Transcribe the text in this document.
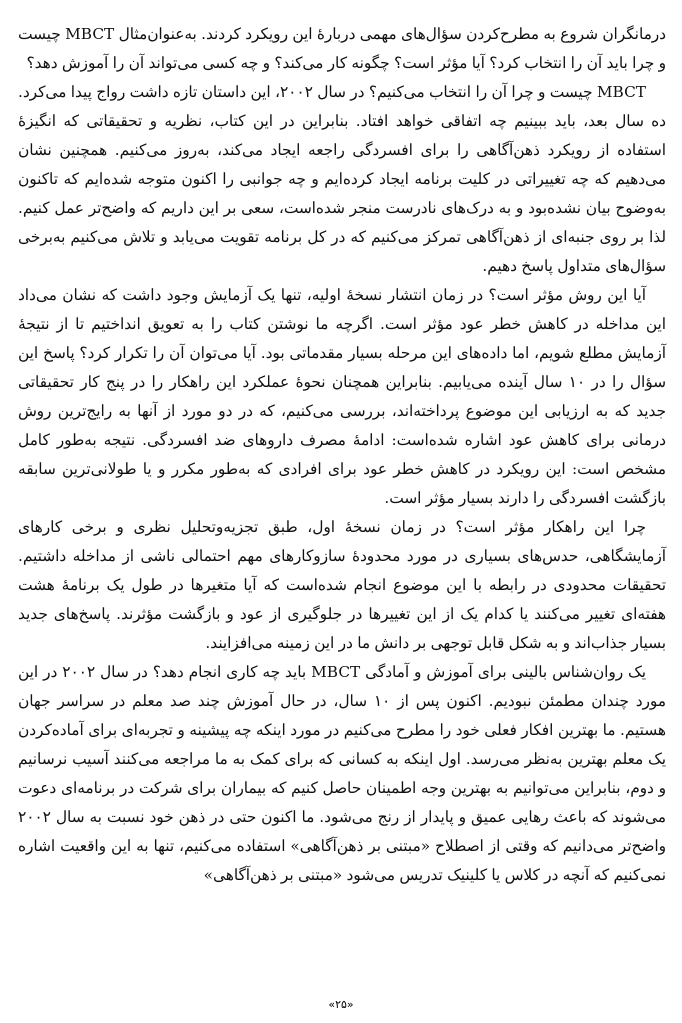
درمانگران شروع به مطرح‌کردن سؤال‌های مهمی دربارهٔ این رویکرد کردند. به‌عنوان‌مثال MBCT چیست و چرا باید آن را انتخاب کرد؟ آیا مؤثر است؟ چگونه کار می‌کند؟ و چه کسی می‌تواند آن را آموزش دهد؟

MBCT چیست و چرا آن را انتخاب می‌کنیم؟ در سال ۲۰۰۲، این داستان تازه داشت رواج پیدا می‌کرد. ده سال بعد، باید ببینیم چه اتفاقی خواهد افتاد. بنابراین در این کتاب، نظریه و تحقیقاتی که انگیزهٔ استفاده از رویکرد ذهن‌آگاهی را برای افسردگی راجعه ایجاد می‌کند، به‌روز می‌کنیم. همچنین نشان می‌دهیم که چه تغییراتی در کلیت برنامه ایجاد کرده‌ایم و چه جوانبی را اکنون متوجه شده‌ایم که تاکنون به‌وضوح بیان نشده‌بود و به درک‌های نادرست منجر شده‌است، سعی بر این داریم که واضح‌تر عمل کنیم. لذا بر روی جنبه‌ای از ذهن‌آگاهی تمرکز می‌کنیم که در کل برنامه تقویت می‌یابد و تلاش می‌کنیم به‌برخی سؤال‌های متداول پاسخ دهیم.

آیا این روش مؤثر است؟ در زمان انتشار نسخهٔ اولیه، تنها یک آزمایش وجود داشت که نشان می‌داد این مداخله در کاهش خطر عود مؤثر است. اگرچه ما نوشتن کتاب را به تعویق انداختیم تا از نتیجهٔ آزمایش مطلع شویم، اما داده‌های این مرحله بسیار مقدماتی بود. آیا می‌توان آن را تکرار کرد؟ پاسخ این سؤال را در ۱۰ سال آینده می‌یابیم. بنابراین همچنان نحوهٔ عملکرد این راهکار را در پنج کار تحقیقاتی جدید که به ارزیابی این موضوع پرداخته‌اند، بررسی می‌کنیم، که در دو مورد از آنها به رایج‌ترین روش درمانی برای کاهش عود اشاره شده‌است: ادامهٔ مصرف داروهای ضد افسردگی. نتیجه به‌طور کامل مشخص است: این رویکرد در کاهش خطر عود برای افرادی که به‌طور مکرر و یا طولانی‌ترین سابقه بازگشت افسردگی را دارند بسیار مؤثر است.

چرا این راهکار مؤثر است؟ در زمان نسخهٔ اول، طبق تجزیه‌وتحلیل نظری و برخی کارهای آزمایشگاهی، حدس‌های بسیاری در مورد محدودهٔ سازوکارهای مهم احتمالی ناشی از مداخله داشتیم. تحقیقات محدودی در رابطه با این موضوع انجام شده‌است که آیا متغیرها در طول یک برنامهٔ هشت هفته‌ای تغییر می‌کنند یا کدام یک از این تغییرها در جلوگیری از عود و بازگشت مؤثرند. پاسخ‌های جدید بسیار جذاب‌اند و به شکل قابل توجهی بر دانش ما در این زمینه می‌افزایند.

یک روان‌شناس بالینی برای آموزش و آمادگی MBCT باید چه کاری انجام دهد؟ در سال ۲۰۰۲ در این مورد چندان مطمئن نبودیم. اکنون پس از ۱۰ سال، در حال آموزش چند صد معلم در سراسر جهان هستیم. ما بهترین افکار فعلی خود را مطرح می‌کنیم در مورد اینکه چه پیشینه و تجربه‌ای برای آماده‌کردن یک معلم بهترین به‌نظر می‌رسد. اول اینکه به کسانی که برای کمک به ما مراجعه می‌کنند آسیب نرسانیم و دوم، بنابراین می‌توانیم به بهترین وجه اطمینان حاصل کنیم که بیماران برای شرکت در برنامه‌ای دعوت می‌شوند که باعث رهایی عمیق و پایدار از رنج می‌شود. ما اکنون حتی در ذهن خود نسبت به سال ۲۰۰۲ واضح‌تر می‌دانیم که وقتی از اصطلاح «مبتنی بر ذهن‌آگاهی» استفاده می‌کنیم، تنها به این واقعیت اشاره نمی‌کنیم که آنچه در کلاس یا کلینیک تدریس می‌شود «مبتنی بر ذهن‌آگاهی»

«۲۵»
